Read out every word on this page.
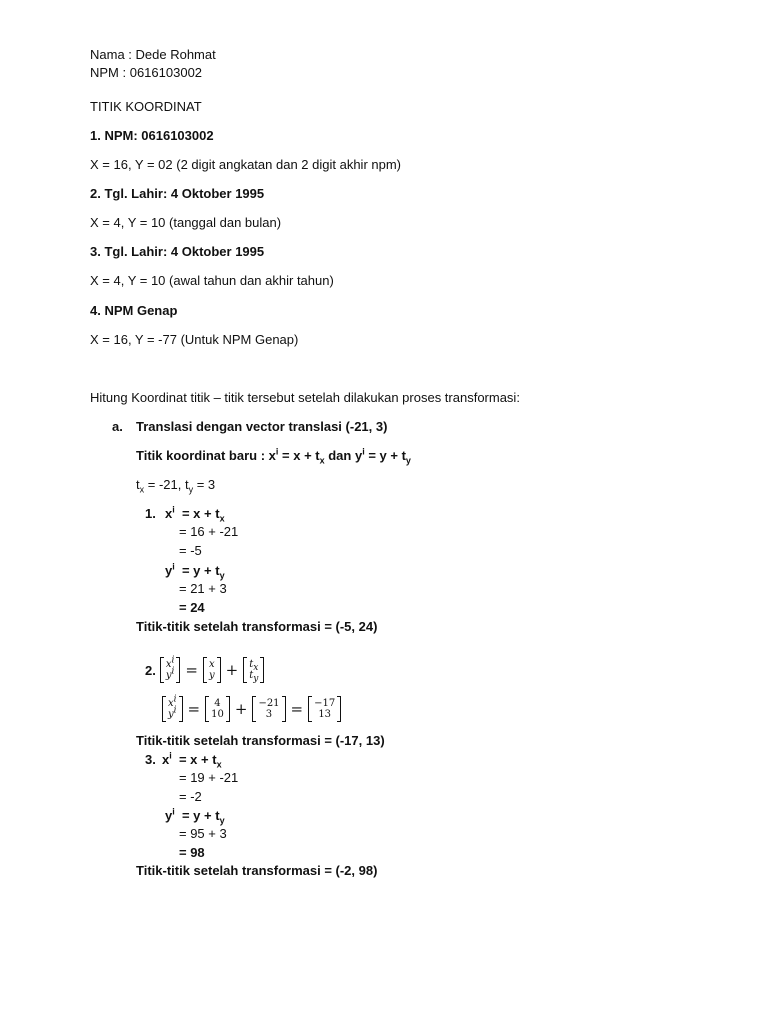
Nama : Dede Rohmat
NPM : 0616103002
TITIK KOORDINAT
1. NPM: 0616103002
X = 16, Y = 02 (2 digit angkatan dan 2 digit akhir npm)
2. Tgl. Lahir: 4 Oktober 1995
X = 4, Y = 10 (tanggal dan bulan)
3. Tgl. Lahir: 4 Oktober 1995
X = 4, Y = 10 (awal tahun dan akhir tahun)
4. NPM Genap
X = 16, Y = -77 (Untuk NPM Genap)
Hitung Koordinat titik – titik tersebut setelah dilakukan proses transformasi:
a. Translasi dengan vector translasi (-21, 3)
Titik koordinat baru : $x^i = x + t_x$ dan $y^i = y + t_y$
$t_x = -21$, $t_y = 3$
1. $x^i = x + t_x$
= 16 + -21
= -5
$y^i = y + t_y$
= 21 + 3
= 24
Titik-titik setelah transformasi = (-5, 24)
2. $x^i$
$y^i = x$
$y + t_x$
$t_y$
$x^i$
$y^i = 4$
10 + −21
3 = −17
13
Titik-titik setelah transformasi = (-17, 13)
3. $x^i = x + t_x$
= 19 + -21
= -2
$y^i = y + t_y$
= 95 + 3
= 98
Titik-titik setelah transformasi = (-2, 98)
